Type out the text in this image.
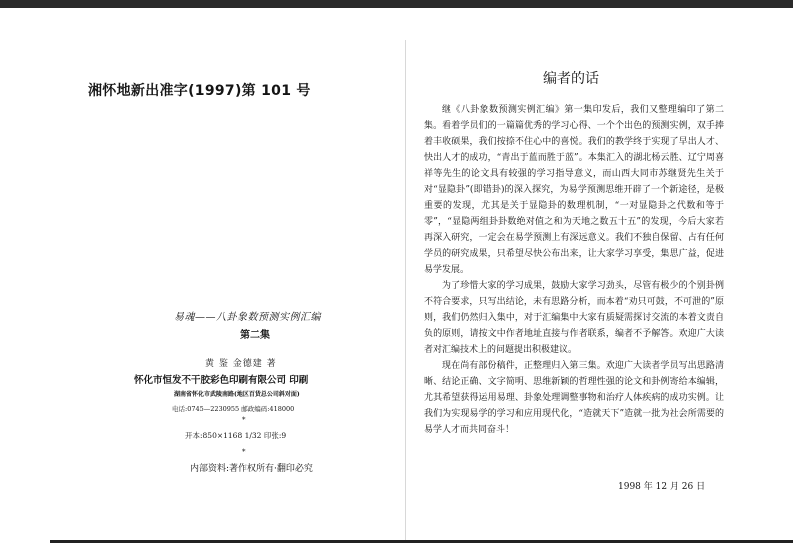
湘怀地新出准字(1997)第 101 号
易魂——八卦象数预测实例汇编
第二集
黄 鉴 金德建 著
怀化市恒发不干胶彩色印刷有限公司 印刷
湖南省怀化市武陵南路(地区百货总公司斜对面)
电话:0745—2230955 邮政编码:418000
*
开本:850×1168 1/32 印张:9
*
内部资料:著作权所有·翻印必究
编者的话

继《八卦象数预测实例汇编》第一集印发后，我们又整理编印了第二集。看着学员们的一篇篇优秀的学习心得、一个个出色的预测实例，双手捧着丰收硕果，我们按捺不住心中的喜悦。我们的教学终于实现了早出人才、快出人才的成功，“青出于蓝而胜于蓝”。本集汇入的湖北杨云胜、辽宁周喜祥等先生的论文具有较强的学习指导意义，而山西大同市苏继贤先生关于对“显隐卦”(即错卦)的深入探究，为易学预测思维开辟了一个新途径，是极重要的发现，尤其是关于显隐卦的数理机制，“一对显隐卦之代数和等于零”，“显隐两组卦卦数绝对值之和为天地之数五十五”的发现，今后大家若再深入研究，一定会在易学预测上有深远意义。我们不独自保留、占有任何学员的研究成果，只希望尽快公布出来，让大家学习享受，集思广益，促进易学发展。

为了珍惜大家的学习成果，鼓励大家学习劲头，尽管有极少的个别卦例不符合要求，只写出结论，未有思路分析，而本着“劝只可鼓，不可泄的”原则，我们仍然归入集中，对于汇编集中大家有质疑需探讨交流的本着文责自负的原则，请按文中作者地址直接与作者联系，编者不予解答。欢迎广大读者对汇编技术上的问题提出积极建议。

现在尚有部份稿件，正整理归入第三集。欢迎广大读者学员写出思路清晰、结论正确、文字简明、思维新颖的哲理性强的论文和卦例寄给本编辑，尤其希望获得运用易理、卦象处理调整事物和治疗人体疾病的成功实例。让我们为实现易学的学习和应用现代化，“造就天下”造就一批为社会所需要的易学人才而共同奋斗！

1998 年 12 月 26 日
